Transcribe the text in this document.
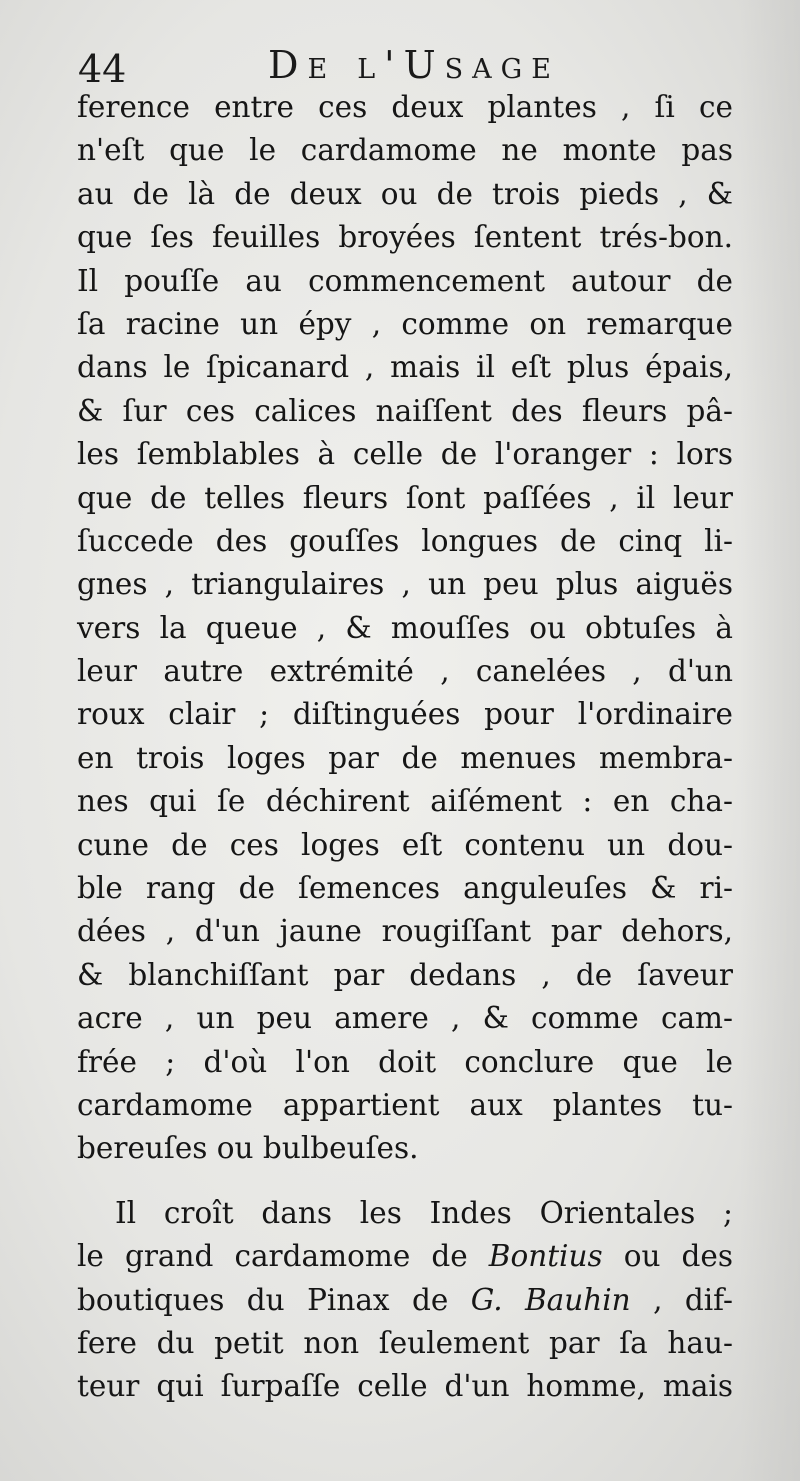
44	De l'Usage
ference entre ces deux plantes , ſi ce
n'eſt que le cardamome ne monte pas
au de là de deux ou de trois pieds , &
que ſes feuilles broyées ſentent trés-bon.
Il pouſſe au commencement autour de
ſa racine un épy , comme on remarque
dans le ſpicanard , mais il eſt plus épais,
& ſur ces calices naiſſent des fleurs pâ-
les ſemblables à celle de l'oranger : lors
que de telles fleurs ſont paſſées , il leur
ſuccede des gouſſes longues de cinq li-
gnes , triangulaires , un peu plus aiguës
vers la queue , & mouſſes ou obtuſes à
leur autre extrémité , canelées , d'un
roux clair ; diſtinguées pour l'ordinaire
en trois loges par de menues membra-
nes qui ſe déchirent aiſément : en cha-
cune de ces loges eſt contenu un dou-
ble rang de ſemences anguleuſes & ri-
dées , d'un jaune rougiſſant par dehors,
& blanchiſſant par dedans , de ſaveur
acre , un peu amere , & comme cam-
frée ; d'où l'on doit conclure que le
cardamome appartient aux plantes tu-
bereuſes ou bulbeuſes.
Il croît dans les Indes Orientales ;
le grand cardamome de Bontius ou des
boutiques du Pinax de G. Bauhin , dif-
fere du petit non ſeulement par ſa hau-
teur qui ſurpaſſe celle d'un homme, mais
